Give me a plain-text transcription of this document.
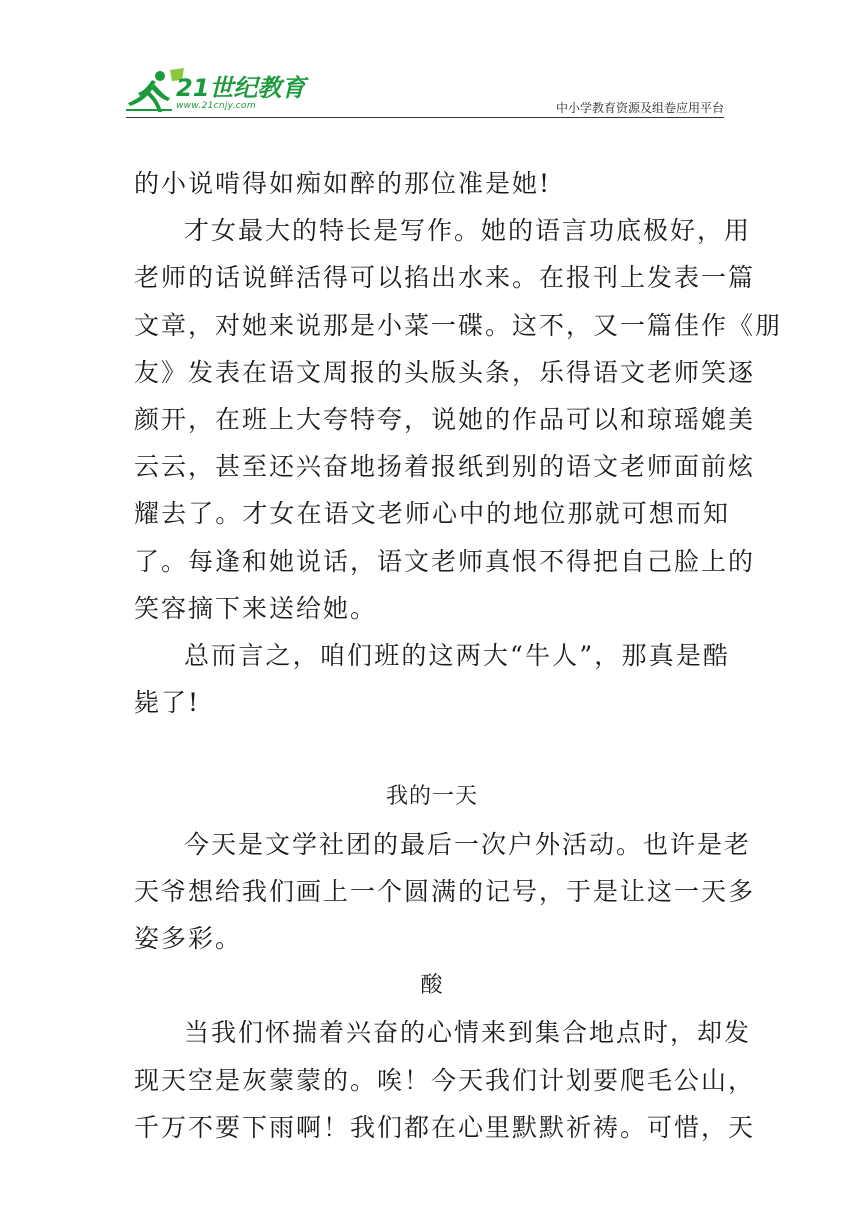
21世纪教育
www.21cnjy.com	中小学教育资源及组卷应用平台
的小说啃得如痴如醉的那位准是她!
才女最大的特长是写作。她的语言功底极好，用
老师的话说鲜活得可以掐出水来。在报刊上发表一篇
文章，对她来说那是小菜一碟。这不，又一篇佳作《朋
友》发表在语文周报的头版头条，乐得语文老师笑逐
颜开，在班上大夸特夸，说她的作品可以和琼瑶媲美
云云，甚至还兴奋地扬着报纸到别的语文老师面前炫
耀去了。才女在语文老师心中的地位那就可想而知
了。每逢和她说话，语文老师真恨不得把自己脸上的
笑容摘下来送给她。
总而言之，咱们班的这两大“牛人”，那真是酷
毙了!
我的一天
今天是文学社团的最后一次户外活动。也许是老
天爷想给我们画上一个圆满的记号，于是让这一天多
姿多彩。
酸
当我们怀揣着兴奋的心情来到集合地点时，却发
现天空是灰蒙蒙的。唉！今天我们计划要爬毛公山，
千万不要下雨啊！我们都在心里默默祈祷。可惜，天
